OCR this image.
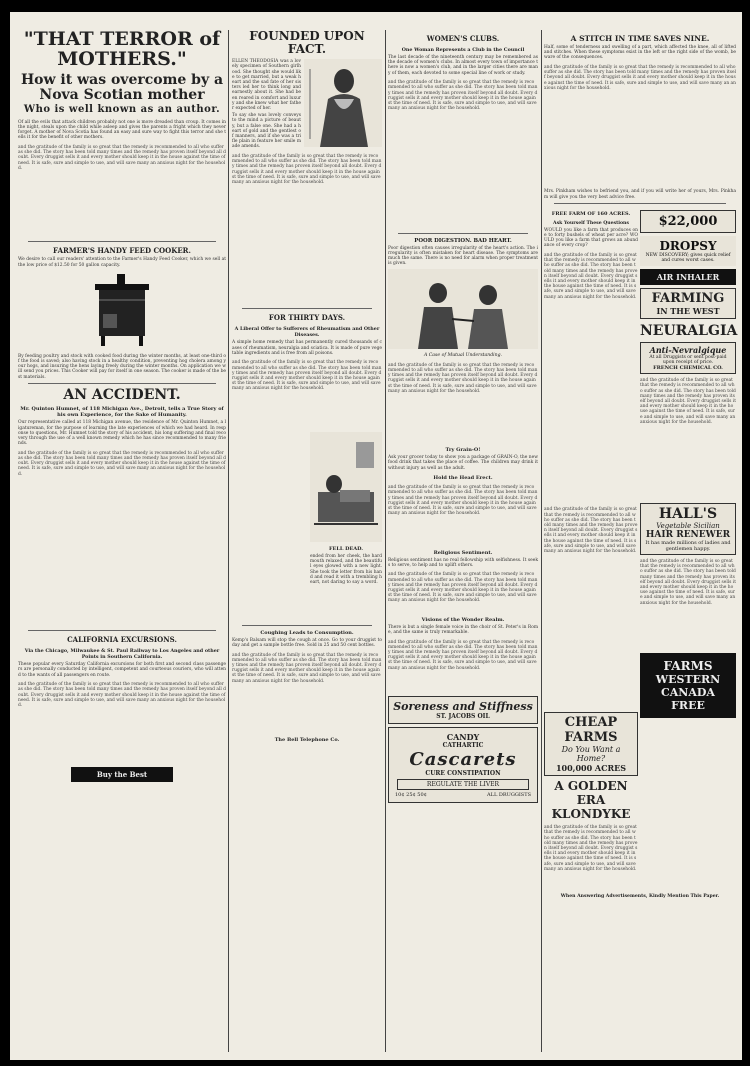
"THAT TERROR of MOTHERS."
How it was overcome by a Nova Scotian mother
Who is well known as an author.

Of all the evils that attack children probably not one is more dreaded than croup. It comes in the night, steals upon the child while asleep and gives the parents a fright which they never forget. A mother of Nova Scotia has found an easy and sure way to fight this terror and she tells it for the benefit of other mothers.

and the gratitude of the family is so great that the remedy is recommended to all who suffer as she did. The story has been told many times and the remedy has proven itself beyond all doubt. Every druggist sells it and every mother should keep it in the house against the time of need. It is safe, sure and simple to use, and will save many an anxious night for the household.

FARMER'S HANDY FEED COOKER.

We desire to call our readers' attention to the Farmer's Handy Feed Cooker, which we sell at the low price of $12.50 for 50 gallon capacity.

By feeding poultry and stock with cooked food during the winter months, at least one-third of the food is saved; also having stock in a healthy condition, preventing hog cholera among your hogs, and insuring the hens laying freely during the winter months. On application we will send you prices. This Cooker will pay for itself in one season. The cooker is made of the best materials.

AN ACCIDENT.
Mr. Quinton Humnet, of 118 Michigan Ave., Detroit, tells a True Story of his own Experience, for the Sake of Humanity.

Our representative called at 118 Michigan avenue, the residence of Mr. Quinton Humnet, a ligatureman, for the purpose of learning the late experiences of which we had heard. In response to questions, Mr. Humnet told the story of his accident, his long suffering and final recovery through the use of a well known remedy which he has since recommended to many friends.

and the gratitude of the family is so great that the remedy is recommended to all who suffer as she did. The story has been told many times and the remedy has proven itself beyond all doubt. Every druggist sells it and every mother should keep it in the house against the time of need. It is safe, sure and simple to use, and will save many an anxious night for the household.

CALIFORNIA EXCURSIONS.
Via the Chicago, Milwaukee & St. Paul Railway to Los Angeles and other Points in Southern California.

These popular every Saturday California excursions for both first and second class passengers are personally conducted by intelligent, competent and courteous couriers, who will attend to the wants of all passengers en route.

and the gratitude of the family is so great that the remedy is recommended to all who suffer as she did. The story has been told many times and the remedy has proven itself beyond all doubt. Every druggist sells it and every mother should keep it in the house against the time of need. It is safe, sure and simple to use, and will save many an anxious night for the household.

Buy the Best
FOUNDED UPON FACT.

ELLEN THEODOSIA was a lovely specimen of Southern girlhood. She thought she would like to get married, but a weak heart and the sad fate of her sisters led her to think long and earnestly about it. She had been reared in comfort and luxury and she knew what her father expected of her.

To say she was lovely conveys to the mind a picture of beauty, but a false one. She had a heart of gold and the gentlest of manners, and if she was a trifle plain in feature her smile made amends.

and the gratitude of the family is so great that the remedy is recommended to all who suffer as she did. The story has been told many times and the remedy has proven itself beyond all doubt. Every druggist sells it and every mother should keep it in the house against the time of need. It is safe, sure and simple to use, and will save many an anxious night for the household.

FOR THIRTY DAYS.
A Liberal Offer to Sufferers of Rheumatism and Other Diseases.

A simple home remedy that has permanently cured thousands of cases of rheumatism, neuralgia and sciatica. It is made of pure vegetable ingredients and is free from all poisons.

and the gratitude of the family is so great that the remedy is recommended to all who suffer as she did. The story has been told many times and the remedy has proven itself beyond all doubt. Every druggist sells it and every mother should keep it in the house against the time of need. It is safe, sure and simple to use, and will save many an anxious night for the household.

Coughing Leads to Consumption.

Kemp's Balsam will stop the cough at once. Go to your druggist today and get a sample bottle free. Sold in 25 and 50 cent bottles.

and the gratitude of the family is so great that the remedy is recommended to all who suffer as she did. The story has been told many times and the remedy has proven itself beyond all doubt. Every druggist sells it and every mother should keep it in the house against the time of need. It is safe, sure and simple to use, and will save many an anxious night for the household.

The Bell Telephone Co.
FELL DEAD.

ended from her cheek, the hard mouth relaxed, and the beautiful eyes glowed with a new light. She took the letter from his hand and read it with a trembling heart, not daring to say a word.

WOMEN'S CLUBS.
One Woman Represents a Club in the Council

The last decade of the nineteenth century may be remembered as the decade of women's clubs. In almost every town of importance there is now a women's club, and in the larger cities there are many of them, each devoted to some special line of work or study.

and the gratitude of the family is so great that the remedy is recommended to all who suffer as she did. The story has been told many times and the remedy has proven itself beyond all doubt. Every druggist sells it and every mother should keep it in the house against the time of need. It is safe, sure and simple to use, and will save many an anxious night for the household.

POOR DIGESTION. BAD HEART.

Poor digestion often causes irregularity of the heart's action. The irregularity is often mistaken for heart disease. The symptoms are much the same. There is no need for alarm when proper treatment is given.

A Case of Mutual Understanding.

and the gratitude of the family is so great that the remedy is recommended to all who suffer as she did. The story has been told many times and the remedy has proven itself beyond all doubt. Every druggist sells it and every mother should keep it in the house against the time of need. It is safe, sure and simple to use, and will save many an anxious night for the household.

Try Grain-O!

Ask your grocer today to show you a package of GRAIN-O, the new food drink that takes the place of coffee. The children may drink it without injury as well as the adult.

Hold the Head Erect.

and the gratitude of the family is so great that the remedy is recommended to all who suffer as she did. The story has been told many times and the remedy has proven itself beyond all doubt. Every druggist sells it and every mother should keep it in the house against the time of need. It is safe, sure and simple to use, and will save many an anxious night for the household.

Religious Sentiment.

Religious sentiment has no real fellowship with selfishness. It seeks to serve, to help and to uplift others.

and the gratitude of the family is so great that the remedy is recommended to all who suffer as she did. The story has been told many times and the remedy has proven itself beyond all doubt. Every druggist sells it and every mother should keep it in the house against the time of need. It is safe, sure and simple to use, and will save many an anxious night for the household.

Visions of the Wonder Realm.

There is but a single female voice in the choir of St. Peter's in Rome, and the same is truly remarkable.

and the gratitude of the family is so great that the remedy is recommended to all who suffer as she did. The story has been told many times and the remedy has proven itself beyond all doubt. Every druggist sells it and every mother should keep it in the house against the time of need. It is safe, sure and simple to use, and will save many an anxious night for the household.

Soreness and Stiffness
ST. JACOBS OIL
CANDY
CATHARTIC
Cascarets
CURE CONSTIPATION
REGULATE THE LIVER
10¢ 25¢ 50¢	ALL DRUGGISTS
A STITCH IN TIME SAVES NINE.

Half, some of tenderness and swelling of a part, which affected the knee, all of lifted and stitches. When these symptoms exist in the left or the right side of the womb, beware of the consequences.

and the gratitude of the family is so great that the remedy is recommended to all who suffer as she did. The story has been told many times and the remedy has proven itself beyond all doubt. Every druggist sells it and every mother should keep it in the house against the time of need. It is safe, sure and simple to use, and will save many an anxious night for the household.

Mrs. Pinkham wishes to befriend you, and if you will write her of yours, Mrs. Pinkham will give you the very best advice free.

FREE FARM OF 160 ACRES.
Ask Yourself These Questions

WOULD you like a farm that produces one to forty bushels of wheat per acre? WOULD you like a farm that grows an abundance of every crop?

and the gratitude of the family is so great that the remedy is recommended to all who suffer as she did. The story has been told many times and the remedy has proven itself beyond all doubt. Every druggist sells it and every mother should keep it in the house against the time of need. It is safe, sure and simple to use, and will save many an anxious night for the household.

and the gratitude of the family is so great that the remedy is recommended to all who suffer as she did. The story has been told many times and the remedy has proven itself beyond all doubt. Every druggist sells it and every mother should keep it in the house against the time of need. It is safe, sure and simple to use, and will save many an anxious night for the household.

CHEAP FARMS
Do You Want a Home?
100,000 ACRES
A GOLDEN ERA
KLONDYKE

and the gratitude of the family is so great that the remedy is recommended to all who suffer as she did. The story has been told many times and the remedy has proven itself beyond all doubt. Every druggist sells it and every mother should keep it in the house against the time of need. It is safe, sure and simple to use, and will save many an anxious night for the household.

$22,000
DROPSY
NEW DISCOVERY; gives quick relief and cures worst cases.
AIR INHALER
FARMING
IN THE WEST
NEURALGIA
Anti-Nevralgique
At all Druggists or sent post-paid upon receipt of price.
FRENCH CHEMICAL CO.

and the gratitude of the family is so great that the remedy is recommended to all who suffer as she did. The story has been told many times and the remedy has proven itself beyond all doubt. Every druggist sells it and every mother should keep it in the house against the time of need. It is safe, sure and simple to use, and will save many an anxious night for the household.

HALL'S
Vegetable Sicilian
HAIR RENEWER
It has made millions of ladies and gentlemen happy.

and the gratitude of the family is so great that the remedy is recommended to all who suffer as she did. The story has been told many times and the remedy has proven itself beyond all doubt. Every druggist sells it and every mother should keep it in the house against the time of need. It is safe, sure and simple to use, and will save many an anxious night for the household.

FARMS
WESTERN
CANADA
FREE
When Answering Advertisements, Kindly Mention This Paper.
